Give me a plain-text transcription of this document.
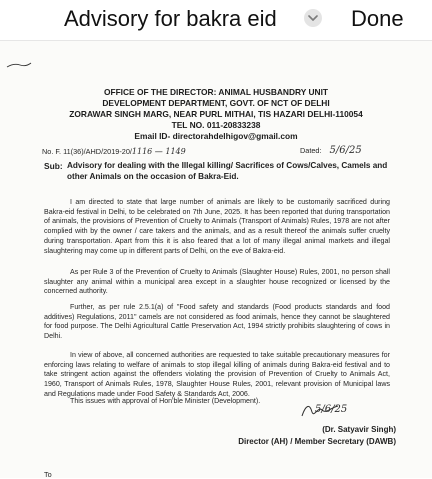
Advisory for bakra eid	Done
OFFICE OF THE DIRECTOR: ANIMAL HUSBANDRY UNIT
DEVELOPMENT DEPARTMENT, GOVT. OF NCT OF DELHI
ZORAWAR SINGH MARG, NEAR PURL MITHAI, TIS HAZARI DELHI-110054
TEL NO. 011-20833238
Email ID- directorahdelhigov@gmail.com
No. F. 11(36)/AHD/2019-20/1116 — 1149	Dated: 5/6/25
Sub: Advisory for dealing with the Illegal killing/ Sacrifices of Cows/Calves, Camels and other Animals on the occasion of Bakra-Eid.
I am directed to state that large number of animals are likely to be customarily sacrificed during Bakra-eid festival in Delhi, to be celebrated on 7th June, 2025. It has been reported that during transportation of animals, the provisions of Prevention of Cruelty to Animals (Transport of Animals) Rules, 1978 are not after complied with by the owner / care takers and the animals, and as a result thereof the animals suffer cruelty during transportation. Apart from this it is also feared that a lot of many illegal animal markets and illegal slaughtering may come up in different parts of Delhi, on the eve of Bakra-eid.
As per Rule 3 of the Prevention of Cruelty to Animals (Slaughter House) Rules, 2001, no person shall slaughter any animal within a municipal area except in a slaughter house recognized or licensed by the concerned authority.
Further, as per rule 2.5.1(a) of "Food safety and standards (Food products standards and food additives) Regulations, 2011" camels are not considered as food animals, hence they cannot be slaughtered for food purpose. The Delhi Agricultural Cattle Preservation Act, 1994 strictly prohibits slaughtering of cows in Delhi.
In view of above, all concerned authorities are requested to take suitable precautionary measures for enforcing laws relating to welfare of animals to stop illegal killing of animals during Bakra-eid festival and to take stringent action against the offenders violating the provision of Prevention of Cruelty to Animals Act, 1960, Transport of Animals Rules, 1978, Slaughter House Rules, 2001, relevant provision of Municipal laws and Regulations made under Food Safety & Standards Act, 2006.
This issues with approval of Hon'ble Minister (Development).
5/6/25
(Dr. Satyavir Singh)
Director (AH) / Member Secretary (DAWB)
To
